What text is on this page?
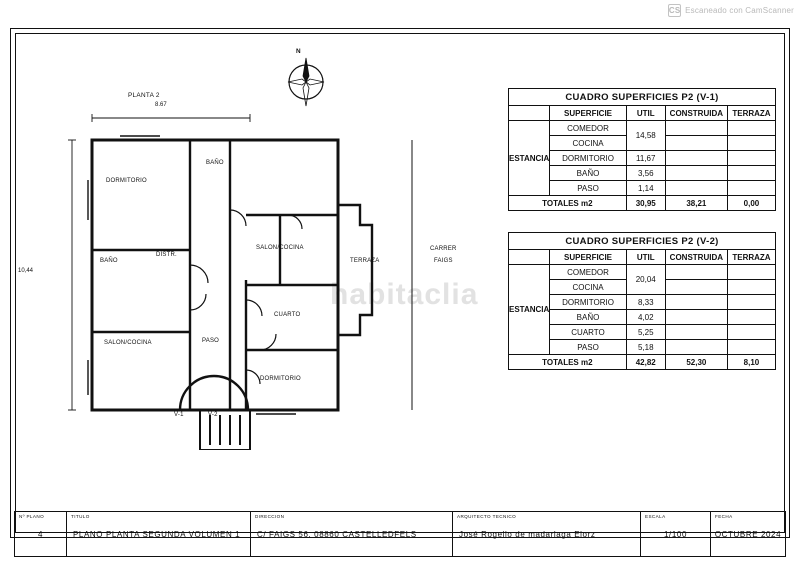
CS Escaneado con CamScanner
habitaclia
PLANTA 2
8.67
10,44
DORMITORIO
BAÑO
BAÑO
DISTR.
SALON/COCINA
TERRAZA
CUARTO
SALON/COCINA	PASO
DORMITORIO
V-1	V-2
CARRER
FAIGS
N
CUADRO SUPERFICIES P2 (V-1)				
	SUPERFICIE	UTIL	CONSTRUIDA	TERRAZA
ESTANCIA	COMEDOR	14,58		
	COCINA			
	DORMITORIO	11,67		
	BAÑO	3,56		
	PASO	1,14		
TOTALES m2		30,95	38,21	0,00
CUADRO SUPERFICIES P2 (V-2)				
	SUPERFICIE	UTIL	CONSTRUIDA	TERRAZA
ESTANCIA	COMEDOR	20,04		
	COCINA			
	DORMITORIO	8,33		
	BAÑO	4,02		
	CUARTO	5,25		
	PASO	5,18		
TOTALES m2		42,82	52,30	8,10
Nº PLANO
4
TITULO
PLANO PLANTA SEGUNDA VOLUMEN 1
DIRECCION
C/ FAIGS 56, 08860 CASTELLEDFELS
ARQUITECTO TECNICO
José Rogello de madarlaga Elorz
ESCALA
1/100
FECHA
OCTUBRE 2024
